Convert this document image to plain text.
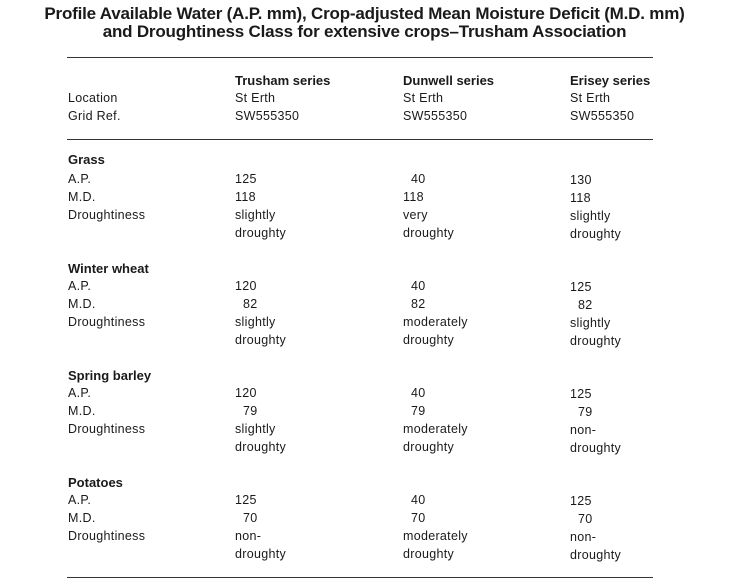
Profile Available Water (A.P. mm), Crop-adjusted Mean Moisture Deficit (M.D. mm)
and Droughtiness Class for extensive crops–Trusham Association
Location
Grid Ref.
Trusham series
St Erth
SW555350
Dunwell series
St Erth
SW555350
Erisey series
St Erth
SW555350
Grass
A.P.
M.D.
Droughtiness
125
118
slightly
droughty
40
118
very
droughty
130
118
slightly
droughty
Winter wheat
A.P.
M.D.
Droughtiness
120
82
slightly
droughty
40
82
moderately
droughty
125
82
slightly
droughty
Spring barley
A.P.
M.D.
Droughtiness
120
79
slightly
droughty
40
79
moderately
droughty
125
79
non-
droughty
Potatoes
A.P.
M.D.
Droughtiness
125
70
non-
droughty
40
70
moderately
droughty
125
70
non-
droughty
